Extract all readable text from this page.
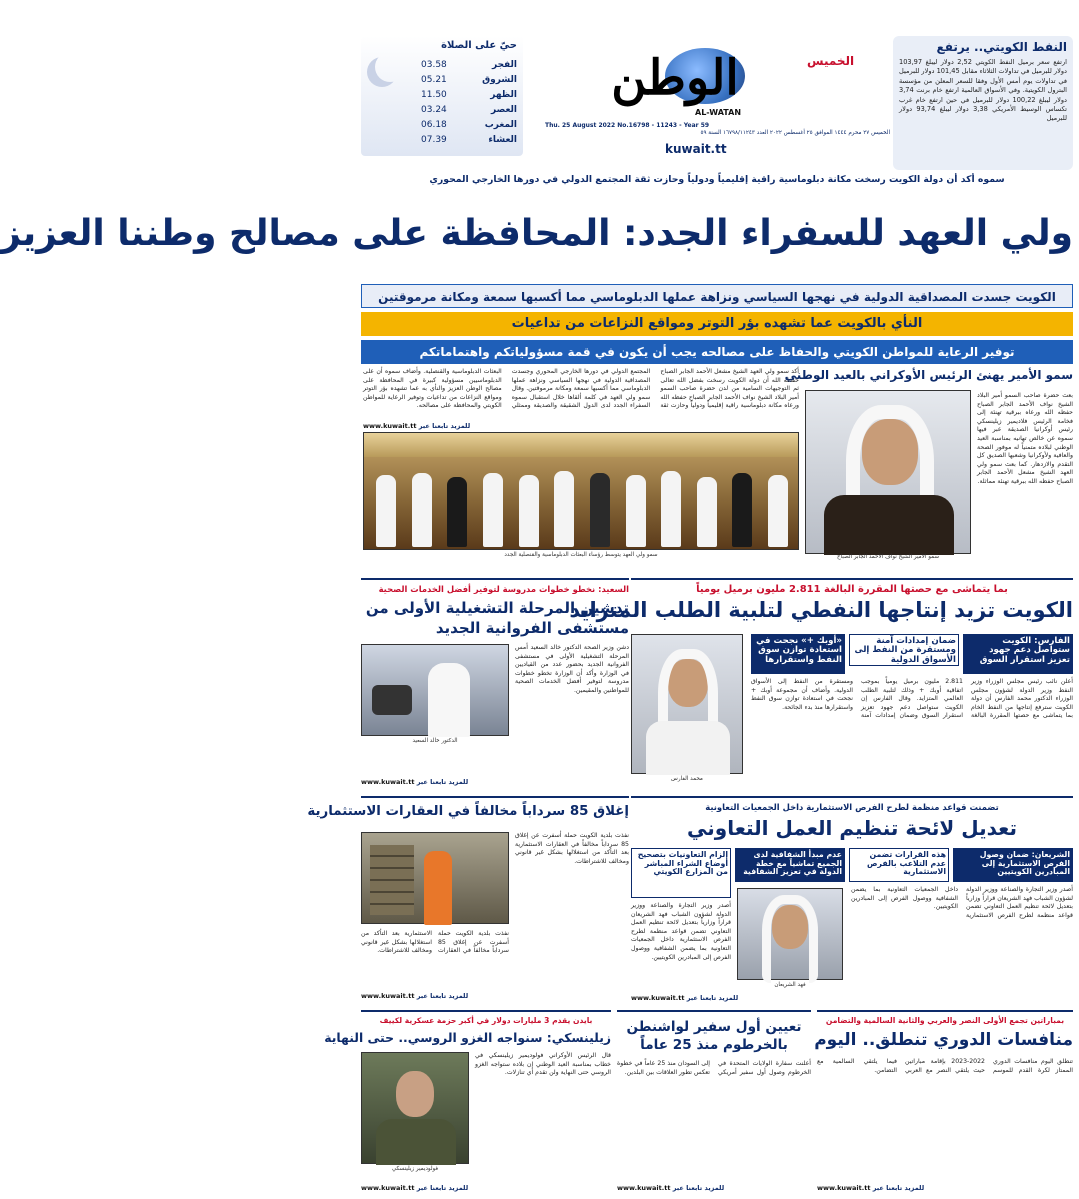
حيّ على الصلاة
الفجر
03.58
الشروق
05.21
الظهر
11.50
العصر
03.24
المغرب
06.18
العشاء
07.39
الوطن	الخميس
AL-WATAN
Thu. 25 August 2022 No.16798 - 11243 - Year 59
الخميس ٢٧ محرم ١٤٤٤ الموافق ٢٥ أغسطس ٢٠٢٢ العدد ١٦٧٩٨/١١٢٤٣ السنة ٥٩
kuwait.tt
النفط الكويتي.. يرتفع
ارتفع سعر برميل النفط الكويتي 2,52 دولار ليبلغ 103,97 دولار للبرميل في تداولات الثلاثاء مقابل 101,45 دولار للبرميل في تداولات يوم أمس الأول وفقا للسعر المعلن من مؤسسة البترول الكويتية. وفي الأسواق العالمية ارتفع خام برنت 3,74 دولار ليبلغ 100,22 دولار للبرميل في حين ارتفع خام غرب تكساس الوسيط الأمريكي 3,38 دولار ليبلغ 93,74 دولار للبرميل
سموه أكد أن دولة الكويت رسخت مكانة دبلوماسية راقية إقليمياً ودولياً وحازت ثقة المجتمع الدولي في دورها الخارجي المحوري
ولي العهد للسفراء الجدد: المحافظة على مصالح وطننا العزيز
الكويت جسدت المصداقية الدولية في نهجها السياسي ونزاهة عملها الدبلوماسي مما أكسبها سمعة ومكانة مرموقتين
النأي بالكويت عما تشهده بؤر التوتر ومواقع النزاعات من تداعيات
توفير الرعاية للمواطن الكويتي والحفاظ على مصالحه يجب أن يكون في قمة مسؤولياتكم واهتماماتكم
أكد سمو ولي العهد الشيخ مشعل الأحمد الجابر الصباح حفظه الله أن دولة الكويت رسخت بفضل الله تعالى ثم التوجيهات السامية من لدن حضرة صاحب السمو أمير البلاد الشيخ نواف الأحمد الجابر الصباح حفظه الله ورعاه مكانة دبلوماسية راقية إقليمياً ودولياً وحازت ثقة المجتمع الدولي في دورها الخارجي المحوري وجسدت المصداقية الدولية في نهجها السياسي ونزاهة عملها الدبلوماسي مما أكسبها سمعة ومكانة مرموقتين. وقال سمو ولي العهد في كلمة ألقاها خلال استقبال سموه السفراء الجدد لدى الدول الشقيقة والصديقة وممثلي البعثات الدبلوماسية والقنصلية. وأضاف سموه أن على الدبلوماسيين مسؤولية كبيرة في المحافظة على مصالح الوطن العزيز والنأي به عما تشهده بؤر التوتر ومواقع النزاعات من تداعيات وتوفير الرعاية للمواطن الكويتي والمحافظة على مصالحه.
للمزيد تابعنا عبر www.kuwait.tt
سمو ولي العهد يتوسط رؤساء البعثات الدبلوماسية والقنصلية الجدد
سمو الأمير يهنئ الرئيس الأوكراني بالعيد الوطني
بعث حضرة صاحب السمو أمير البلاد الشيخ نواف الأحمد الجابر الصباح حفظه الله ورعاه ببرقية تهنئة إلى فخامة الرئيس فلاديمير زيلينسكي رئيس أوكرانيا الصديقة عبر فيها سموه عن خالص تهانيه بمناسبة العيد الوطني لبلاده متمنياً له موفور الصحة والعافية ولأوكرانيا وشعبها الصديق كل التقدم والازدهار. كما بعث سمو ولي العهد الشيخ مشعل الأحمد الجابر الصباح حفظه الله ببرقية تهنئة مماثلة.
سمو الأمير الشيخ نواف الأحمد الجابر الصباح
بما يتماشى مع حصتها المقررة البالغة 2.811 مليون برميل يومياً
الكويت تزيد إنتاجها النفطي لتلبية الطلب المتزايد
الفارس: الكويت ستواصل دعم جهود تعزيز استقرار السوق
ضمان إمدادات آمنة ومستقرة من النفط إلى الأسواق الدولية
«أوبك +» نجحت في استعادة توازن سوق النفط واستقرارها
أعلن نائب رئيس مجلس الوزراء وزير النفط وزير الدولة لشؤون مجلس الوزراء الدكتور محمد الفارس أن دولة الكويت سترفع إنتاجها من النفط الخام بما يتماشى مع حصتها المقررة البالغة 2.811 مليون برميل يومياً بموجب اتفاقية أوبك + وذلك لتلبية الطلب العالمي المتزايد. وقال الفارس إن الكويت ستواصل دعم جهود تعزيز استقرار السوق وضمان إمدادات آمنة ومستقرة من النفط إلى الأسواق الدولية. وأضاف أن مجموعة أوبك + نجحت في استعادة توازن سوق النفط واستقرارها منذ بدء الجائحة.
محمد الفارس
السعيد: نخطو خطوات مدروسة لتوفير أفضل الخدمات الصحية
تدشين المرحلة التشغيلية الأولى من مستشفى الفروانية الجديد
الدكتور خالد السعيد
دشن وزير الصحة الدكتور خالد السعيد أمس المرحلة التشغيلية الأولى في مستشفى الفروانية الجديد بحضور عدد من القياديين في الوزارة وأكد أن الوزارة تخطو خطوات مدروسة لتوفير أفضل الخدمات الصحية للمواطنين والمقيمين.
للمزيد تابعنا عبر www.kuwait.tt
تضمنت قواعد منظمة لطرح الفرص الاستثمارية داخل الجمعيات التعاونية
تعديل لائحة تنظيم العمل التعاوني
الشريعان: ضمان وصول الفرص الاستثمارية إلى المبادرين الكويتيين
هذه القرارات تضمن عدم التلاعب بالفرص الاستثمارية
عدم مبدأ الشفافية لدى الجميع تماشياً مع خطة الدولة في تعزيز الشفافية
إلزام التعاونيات بتصحيح أوضاع الشراء المباشر من المزارع الكويتي
أصدر وزير التجارة والصناعة ووزير الدولة لشؤون الشباب فهد الشريعان قراراً وزارياً بتعديل لائحة تنظيم العمل التعاوني تضمن قواعد منظمة لطرح الفرص الاستثمارية داخل الجمعيات التعاونية بما يضمن الشفافية ووصول الفرص إلى المبادرين الكويتيين.
فهد الشريعان
أصدر وزير التجارة والصناعة ووزير الدولة لشؤون الشباب فهد الشريعان قراراً وزارياً بتعديل لائحة تنظيم العمل التعاوني تضمن قواعد منظمة لطرح الفرص الاستثمارية داخل الجمعيات التعاونية بما يضمن الشفافية ووصول الفرص إلى المبادرين الكويتيين.
للمزيد تابعنا عبر www.kuwait.tt
إغلاق 85 سرداباً مخالفاً في العقارات الاستثمارية
نفذت بلدية الكويت حملة أسفرت عن إغلاق 85 سرداباً مخالفاً في العقارات الاستثمارية بعد التأكد من استغلالها بشكل غير قانوني ومخالف للاشتراطات.
نفذت بلدية الكويت حملة أسفرت عن إغلاق 85 سرداباً مخالفاً في العقارات الاستثمارية بعد التأكد من استغلالها بشكل غير قانوني ومخالف للاشتراطات.
للمزيد تابعنا عبر www.kuwait.tt
بمباراتين تجمع الأولى النصر والعربي والثانية السالمية والتضامن
منافسات الدوري تنطلق.. اليوم
تنطلق اليوم منافسات الدوري الممتاز لكرة القدم للموسم 2022-2023 بإقامة مباراتين حيث يلتقي النصر مع العربي فيما يلتقي السالمية مع التضامن.
للمزيد تابعنا عبر www.kuwait.tt
تعيين أول سفير لواشنطن بالخرطوم منذ 25 عاماً
أعلنت سفارة الولايات المتحدة في الخرطوم وصول أول سفير أمريكي إلى السودان منذ 25 عاماً في خطوة تعكس تطور العلاقات بين البلدين.
للمزيد تابعنا عبر www.kuwait.tt
بايدن يقدم 3 مليارات دولار في أكبر حزمة عسكرية لكييف
زيلينسكي: سنواجه الغزو الروسي.. حتى النهاية
فولوديمير زيلينسكي
قال الرئيس الأوكراني فولوديمير زيلينسكي في خطاب بمناسبة العيد الوطني إن بلاده ستواجه الغزو الروسي حتى النهاية ولن تقدم أي تنازلات.
للمزيد تابعنا عبر www.kuwait.tt
